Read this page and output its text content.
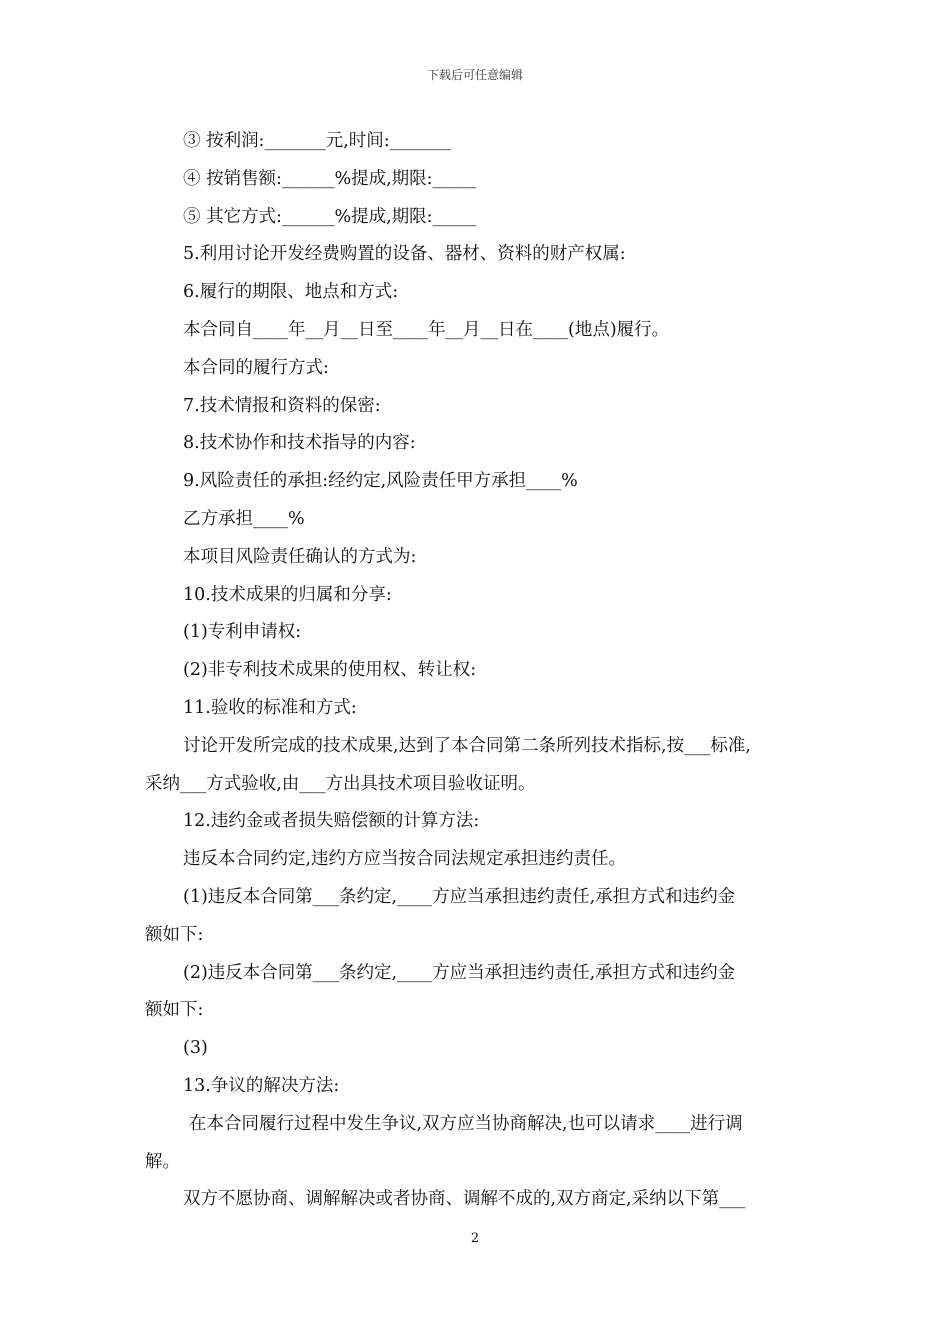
下载后可任意编辑
③ 按利润:_______元,时间:_______
④ 按销售额:______%提成,期限:_____
⑤ 其它方式:______%提成,期限:_____
5.利用讨论开发经费购置的设备、器材、资料的财产权属:
6.履行的期限、地点和方式:
本合同自____年__月__日至____年__月__日在____(地点)履行。
本合同的履行方式:
7.技术情报和资料的保密:
8.技术协作和技术指导的内容:
9.风险责任的承担:经约定,风险责任甲方承担____%
乙方承担____%
本项目风险责任确认的方式为:
10.技术成果的归属和分享:
(1)专利申请权:
(2)非专利技术成果的使用权、转让权:
11.验收的标准和方式:
讨论开发所完成的技术成果,达到了本合同第二条所列技术指标,按___标准,
采纳___方式验收,由___方出具技术项目验收证明。
12.违约金或者损失赔偿额的计算方法:
违反本合同约定,违约方应当按合同法规定承担违约责任。
(1)违反本合同第___条约定,____方应当承担违约责任,承担方式和违约金
额如下:
(2)违反本合同第___条约定,____方应当承担违约责任,承担方式和违约金
额如下:
(3)
13.争议的解决方法:
在本合同履行过程中发生争议,双方应当协商解决,也可以请求____进行调
解。
双方不愿协商、调解解决或者协商、调解不成的,双方商定,采纳以下第___
2
